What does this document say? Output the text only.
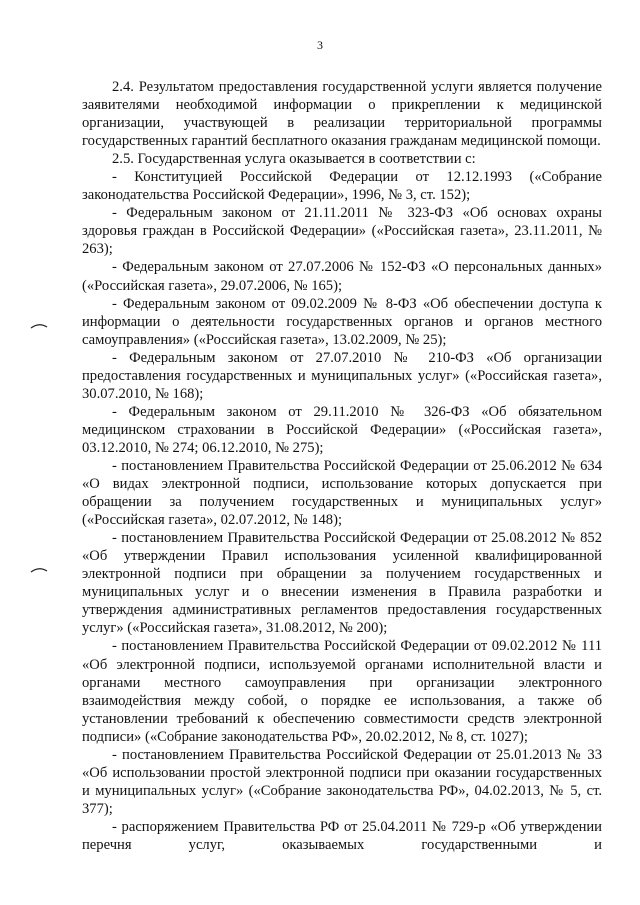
3

2.4. Результатом предоставления государственной услуги является получение заявителями необходимой информации о прикреплении к медицинской организации, участвующей в реализации территориальной программы государственных гарантий бесплатного оказания гражданам медицинской помощи.

2.5. Государственная услуга оказывается в соответствии с:

- Конституцией Российской Федерации от 12.12.1993 («Собрание законодательства Российской Федерации», 1996, № 3, ст. 152);

- Федеральным законом от 21.11.2011 № 323-ФЗ «Об основах охраны здоровья граждан в Российской Федерации» («Российская газета», 23.11.2011, № 263);

- Федеральным законом от 27.07.2006 № 152-ФЗ «О персональных данных» («Российская газета», 29.07.2006, № 165);

- Федеральным законом от 09.02.2009 № 8-ФЗ «Об обеспечении доступа к информации о деятельности государственных органов и органов местного самоуправления» («Российская газета», 13.02.2009, № 25);

- Федеральным законом от 27.07.2010 № 210-ФЗ «Об организации предоставления государственных и муниципальных услуг» («Российская газета», 30.07.2010, № 168);

- Федеральным законом от 29.11.2010 № 326-ФЗ «Об обязательном медицинском страховании в Российской Федерации» («Российская газета», 03.12.2010, № 274; 06.12.2010, № 275);

- постановлением Правительства Российской Федерации от 25.06.2012 № 634 «О видах электронной подписи, использование которых допускается при обращении за получением государственных и муниципальных услуг» («Российская газета», 02.07.2012, № 148);

- постановлением Правительства Российской Федерации от 25.08.2012 № 852 «Об утверждении Правил использования усиленной квалифицированной электронной подписи при обращении за получением государственных и муниципальных услуг и о внесении изменения в Правила разработки и утверждения административных регламентов предоставления государственных услуг» («Российская газета», 31.08.2012, № 200);

- постановлением Правительства Российской Федерации от 09.02.2012 № 111 «Об электронной подписи, используемой органами исполнительной власти и органами местного самоуправления при организации электронного взаимодействия между собой, о порядке ее использования, а также об установлении требований к обеспечению совместимости средств электронной подписи» («Собрание законодательства РФ», 20.02.2012, № 8, ст. 1027);

- постановлением Правительства Российской Федерации от 25.01.2013 № 33 «Об использовании простой электронной подписи при оказании государственных и муниципальных услуг» («Собрание законодательства РФ», 04.02.2013, № 5, ст. 377);

- распоряжением Правительства РФ от 25.04.2011 № 729-р «Об утверждении перечня услуг, оказываемых государственными и
